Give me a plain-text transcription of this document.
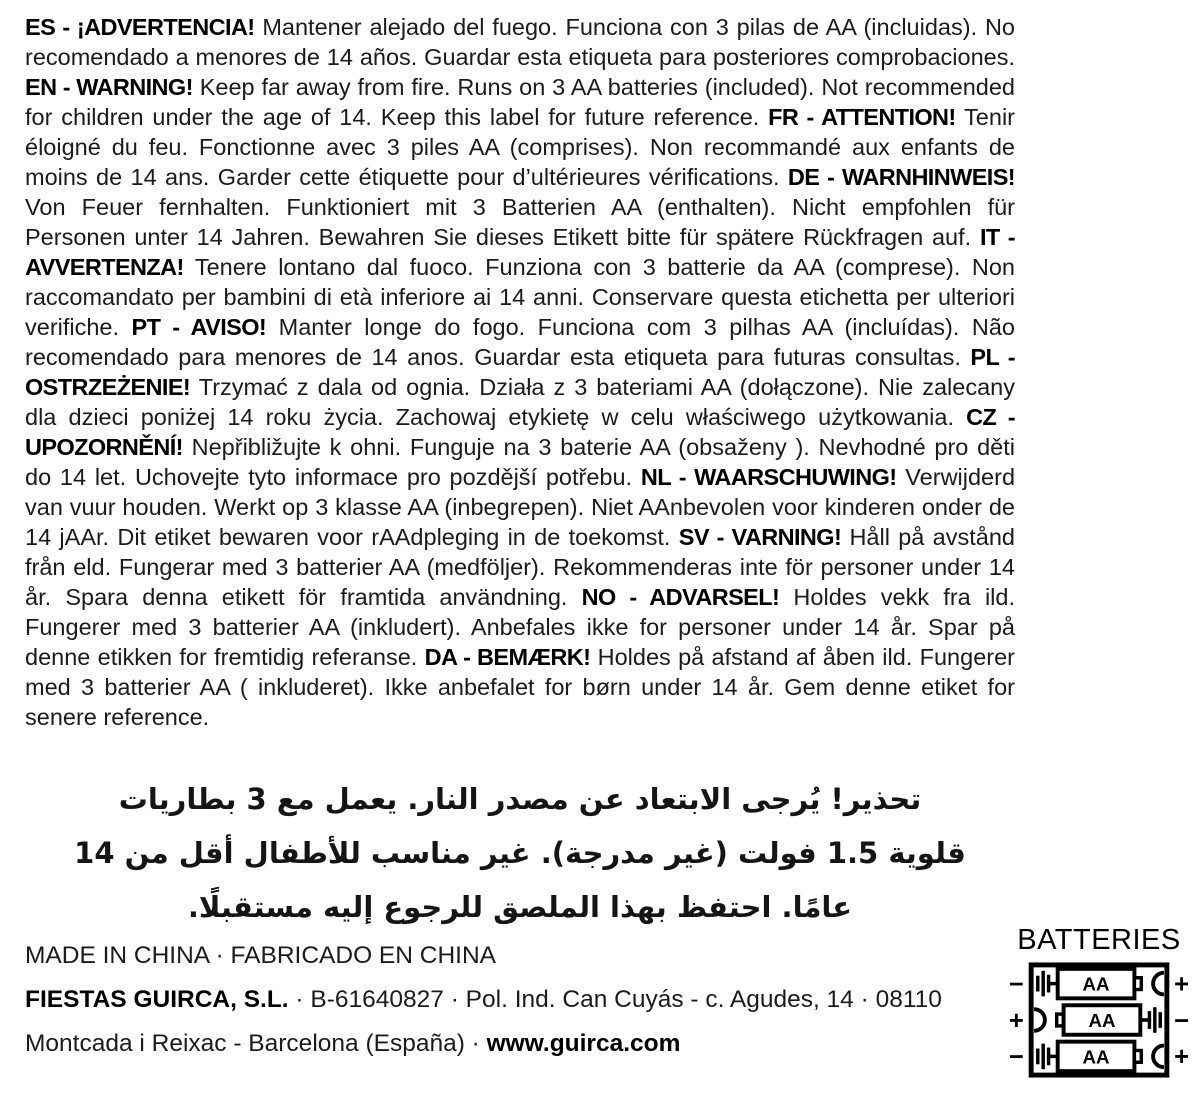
ES - ¡ADVERTENCIA! Mantener alejado del fuego. Funciona con 3 pilas de AA (incluidas). No recomendado a menores de 14 años. Guardar esta etiqueta para posteriores comprobaciones. EN - WARNING! Keep far away from fire. Runs on 3 AA batteries (included). Not recommended for children under the age of 14. Keep this label for future reference. FR - ATTENTION! Tenir éloigné du feu. Fonctionne avec 3 piles AA (comprises). Non recommandé aux enfants de moins de 14 ans. Garder cette étiquette pour d’ultérieures vérifications. DE - WARNHINWEIS! Von Feuer fernhalten. Funktioniert mit 3 Batterien AA (enthalten). Nicht empfohlen für Personen unter 14 Jahren. Bewahren Sie dieses Etikett bitte für spätere Rückfragen auf. IT - AVVERTENZA! Tenere lontano dal fuoco. Funziona con 3 batterie da AA (comprese). Non raccomandato per bambini di età inferiore ai 14 anni. Conservare questa etichetta per ulteriori verifiche. PT - AVISO! Manter longe do fogo. Funciona com 3 pilhas AA (incluídas). Não recomendado para menores de 14 anos. Guardar esta etiqueta para futuras consultas. PL - OSTRZEŻENIE! Trzymać z dala od ognia. Działa z 3 bateriami AA (dołączone). Nie zalecany dla dzieci poniżej 14 roku życia. Zachowaj etykietę w celu właściwego użytkowania. CZ - UPOZORNĚNÍ! Nepřibližujte k ohni. Funguje na 3 baterie AA (obsaženy ). Nevhodné pro děti do 14 let. Uchovejte tyto informace pro pozdější potřebu. NL - WAARSCHUWING! Verwijderd van vuur houden. Werkt op 3 klasse AA (inbegrepen). Niet AAnbevolen voor kinderen onder de 14 jAAr. Dit etiket bewaren voor rAAdpleging in de toekomst. SV - VARNING! Håll på avstånd från eld. Fungerar med 3 batterier AA (medföljer). Rekommenderas inte för personer under 14 år. Spara denna etikett för framtida användning. NO - ADVARSEL! Holdes vekk fra ild. Fungerer med 3 batterier AA (inkludert). Anbefales ikke for personer under 14 år. Spar på denne etikken for fremtidig referanse. DA - BEMÆRK! Holdes på afstand af åben ild. Fungerer med 3 batterier AA ( inkluderet). Ikke anbefalet for børn under 14 år. Gem denne etiket for senere reference.
تحذير! يُرجى الابتعاد عن مصدر النار. يعمل مع 3 بطاريات
قلوية 1.5 فولت (غير مدرجة). غير مناسب للأطفال أقل من 14
عامًا. احتفظ بهذا الملصق للرجوع إليه مستقبلًا.
MADE IN CHINA · FABRICADO EN CHINA
FIESTAS GUIRCA, S.L. · B-61640827 · Pol. Ind. Can Cuyás - c. Agudes, 14 · 08110
Montcada i Reixac - Barcelona (España) · www.guirca.com
BATTERIES
−	AA +
+	AA −
−	AA +
